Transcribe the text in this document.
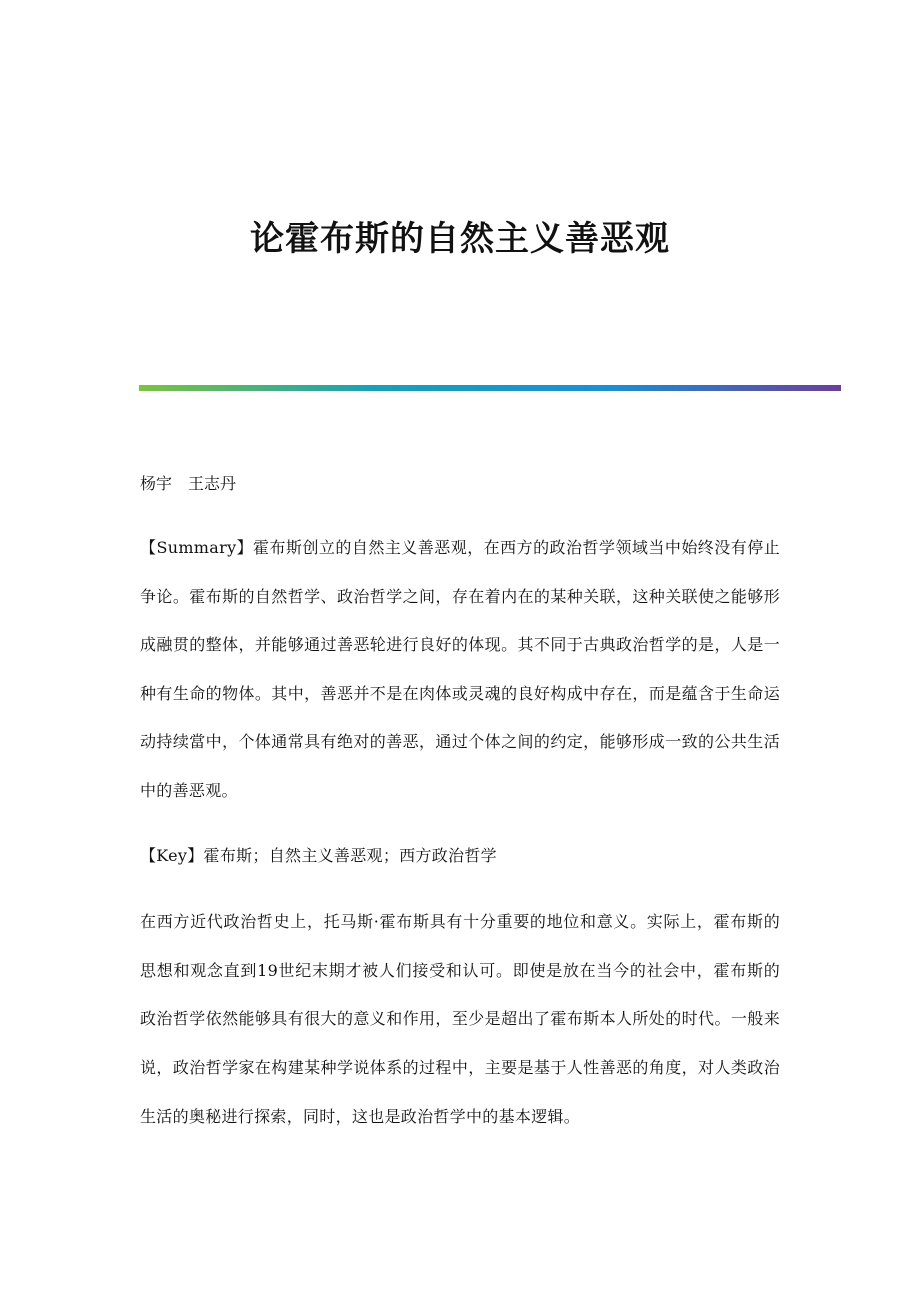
论霍布斯的自然主义善恶观
杨宇　王志丹

【Summary】霍布斯创立的自然主义善恶观，在西方的政治哲学领域当中始终没有停止争论。霍布斯的自然哲学、政治哲学之间，存在着内在的某种关联，这种关联使之能够形成融贯的整体，并能够通过善恶轮进行良好的体现。其不同于古典政治哲学的是，人是一种有生命的物体。其中，善恶并不是在肉体或灵魂的良好构成中存在，而是蕴含于生命运动持续當中，个体通常具有绝对的善恶，通过个体之间的约定，能够形成一致的公共生活中的善恶观。

【Key】霍布斯；自然主义善恶观；西方政治哲学

在西方近代政治哲史上，托马斯·霍布斯具有十分重要的地位和意义。实际上，霍布斯的思想和观念直到19世纪末期才被人们接受和认可。即使是放在当今的社会中，霍布斯的政治哲学依然能够具有很大的意义和作用，至少是超出了霍布斯本人所处的时代。一般来说，政治哲学家在构建某种学说体系的过程中，主要是基于人性善恶的角度，对人类政治生活的奥秘进行探索，同时，这也是政治哲学中的基本逻辑。
